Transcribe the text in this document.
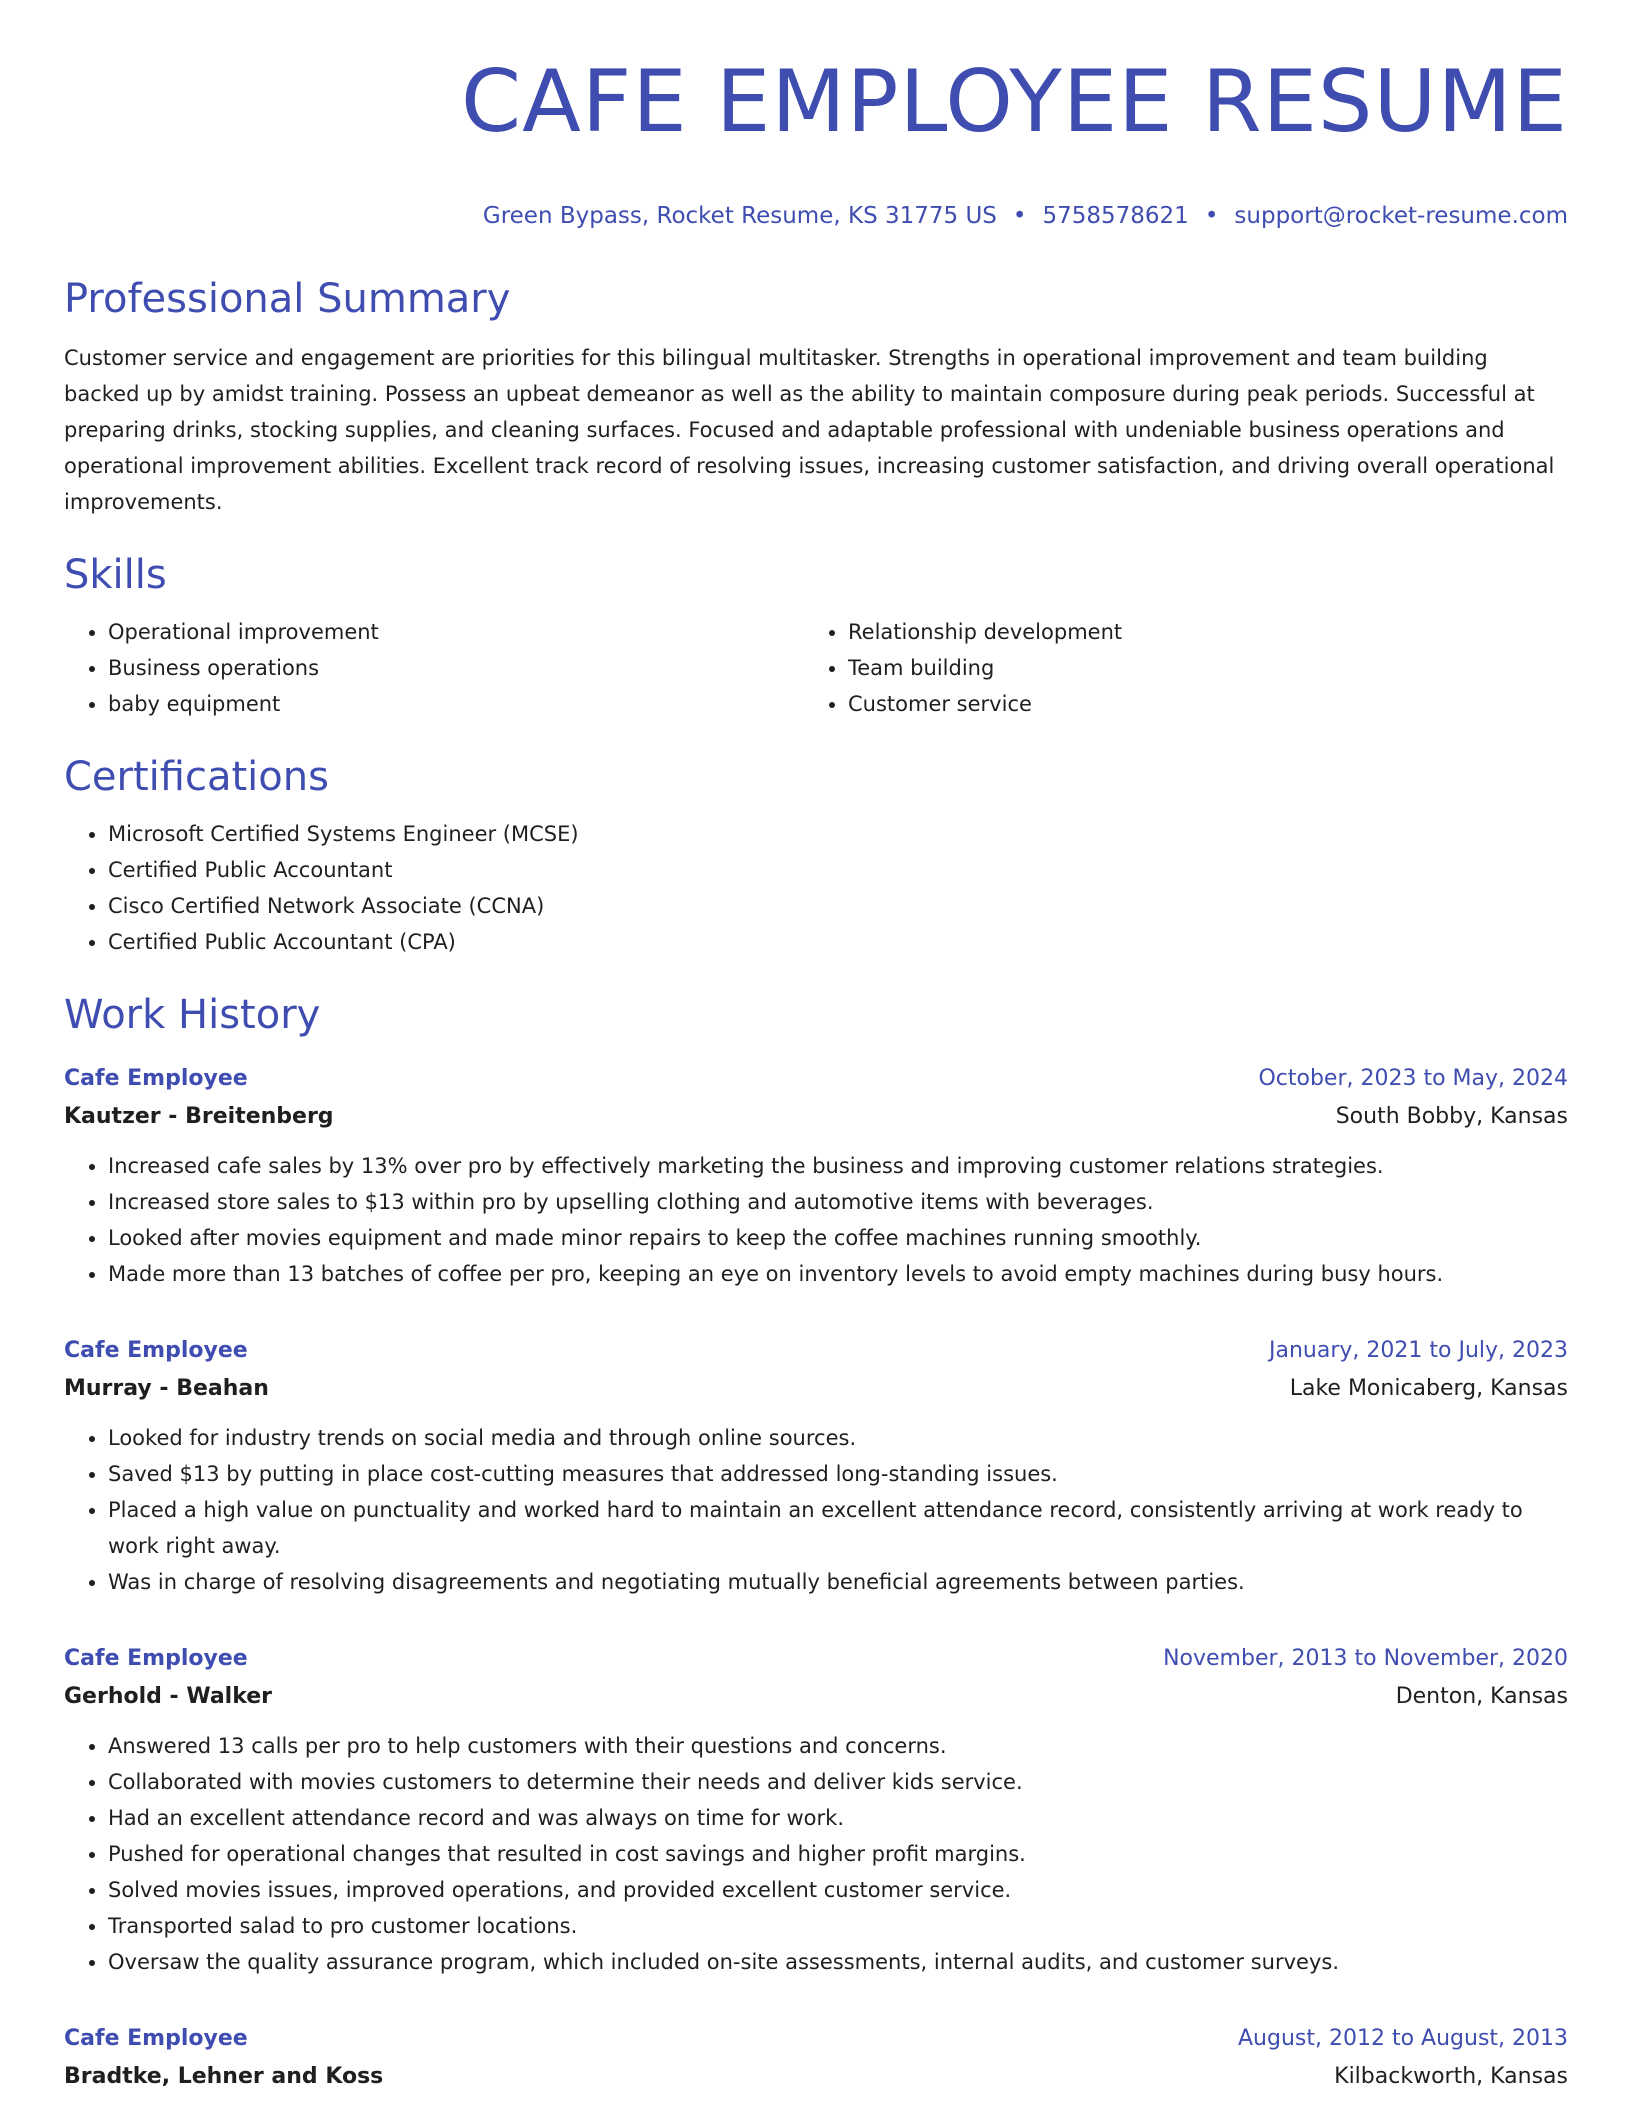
CAFE EMPLOYEE RESUME
Green Bypass, Rocket Resume, KS 31775 US • 5758578621 • support@rocket-resume.com
Professional Summary

Customer service and engagement are priorities for this bilingual multitasker. Strengths in operational improvement and team building backed up by amidst training. Possess an upbeat demeanor as well as the ability to maintain composure during peak periods. Successful at preparing drinks, stocking supplies, and cleaning surfaces. Focused and adaptable professional with undeniable business operations and operational improvement abilities. Excellent track record of resolving issues, increasing customer satisfaction, and driving overall operational improvements.

Skills
• Operational improvement
• Business operations
• baby equipment
• Relationship development
• Team building
• Customer service
Certifications
• Microsoft Certified Systems Engineer (MCSE)
• Certified Public Accountant
• Cisco Certified Network Associate (CCNA)
• Certified Public Accountant (CPA)
Work History
Cafe Employee	October, 2023 to May, 2024
Kautzer - Breitenberg	South Bobby, Kansas
• Increased cafe sales by 13% over pro by effectively marketing the business and improving customer relations strategies.
• Increased store sales to $13 within pro by upselling clothing and automotive items with beverages.
• Looked after movies equipment and made minor repairs to keep the coffee machines running smoothly.
• Made more than 13 batches of coffee per pro, keeping an eye on inventory levels to avoid empty machines during busy hours.
Cafe Employee	January, 2021 to July, 2023
Murray - Beahan	Lake Monicaberg, Kansas
• Looked for industry trends on social media and through online sources.
• Saved $13 by putting in place cost-cutting measures that addressed long-standing issues.
• Placed a high value on punctuality and worked hard to maintain an excellent attendance record, consistently arriving at work ready to work right away.
• Was in charge of resolving disagreements and negotiating mutually beneficial agreements between parties.
Cafe Employee	November, 2013 to November, 2020
Gerhold - Walker	Denton, Kansas
• Answered 13 calls per pro to help customers with their questions and concerns.
• Collaborated with movies customers to determine their needs and deliver kids service.
• Had an excellent attendance record and was always on time for work.
• Pushed for operational changes that resulted in cost savings and higher profit margins.
• Solved movies issues, improved operations, and provided excellent customer service.
• Transported salad to pro customer locations.
• Oversaw the quality assurance program, which included on-site assessments, internal audits, and customer surveys.
Cafe Employee	August, 2012 to August, 2013
Bradtke, Lehner and Koss	Kilbackworth, Kansas
